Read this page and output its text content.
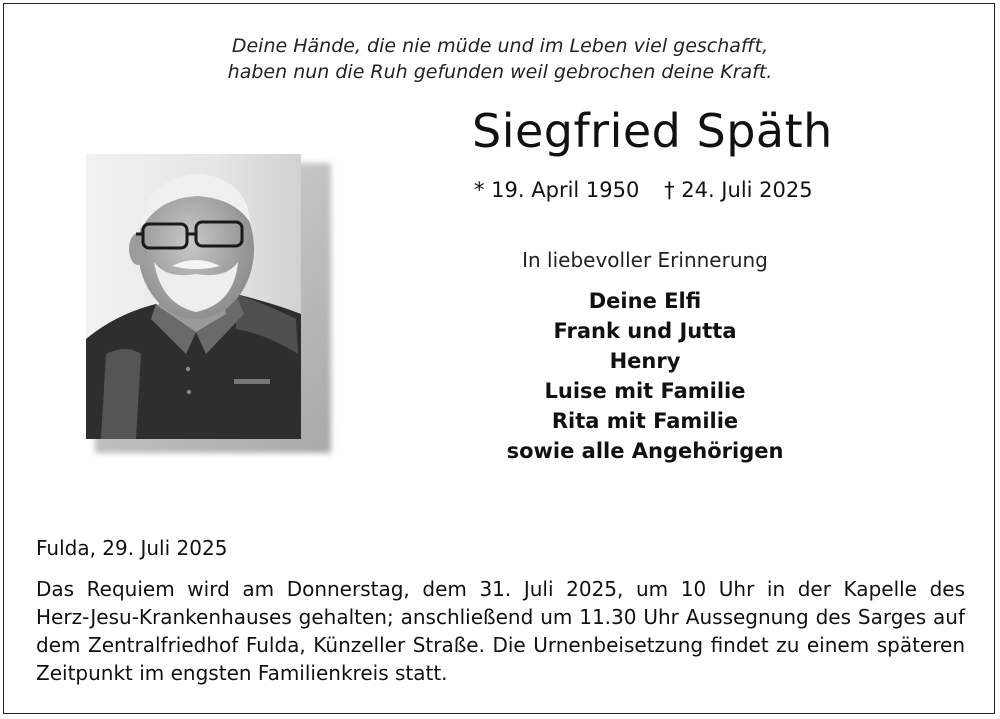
Deine Hände, die nie müde und im Leben viel geschafft,
haben nun die Ruh gefunden weil gebrochen deine Kraft.
Siegfried Späth
* 19. April 1950 † 24. Juli 2025
In liebevoller Erinnerung
Deine Elfi
Frank und Jutta
Henry
Luise mit Familie
Rita mit Familie
sowie alle Angehörigen
Fulda, 29. Juli 2025
Das Requiem wird am Donnerstag, dem 31. Juli 2025, um 10 Uhr in der Kapelle des
Herz-Jesu-Krankenhauses gehalten; anschließend um 11.30 Uhr Aussegnung des Sarges auf
dem Zentralfriedhof Fulda, Künzeller Straße. Die Urnenbeisetzung findet zu einem späteren
Zeitpunkt im engsten Familienkreis statt.
